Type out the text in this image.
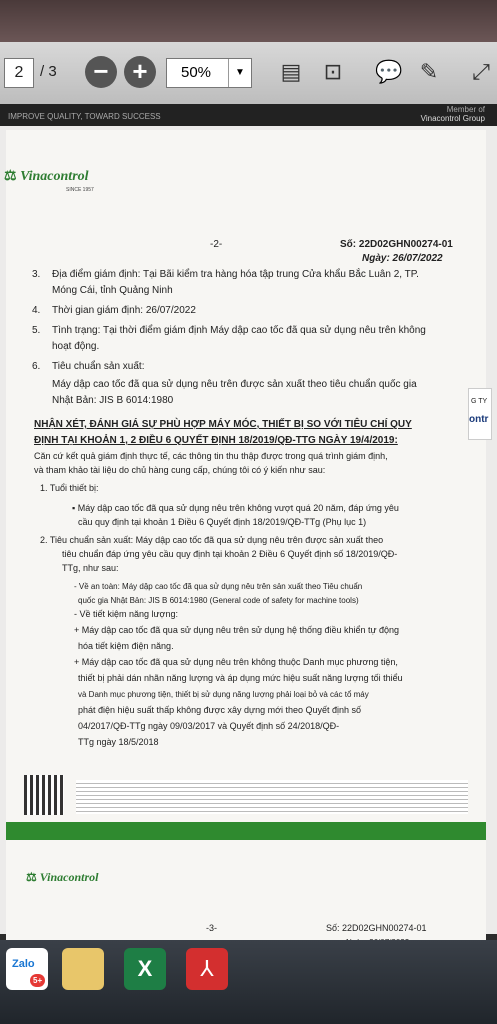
2	/ 3	− +	50%	▼ ▤ ⊡ 💬 ✎ ⤢
IMPROVE QUALITY, TOWARD SUCCESS
Member of
Vinacontrol Group
⚖ Vinacontrol
SINCE 1957
-2-	Số: 22D02GHN00274-01
Ngày: 26/07/2022
3. Địa điểm giám định: Tại Bãi kiểm tra hàng hóa tập trung Cửa khẩu Bắc Luân 2, TP.
Móng Cái, tỉnh Quảng Ninh
4. Thời gian giám định: 26/07/2022
5. Tình trạng: Tại thời điểm giám định Máy dập cao tốc đã qua sử dụng nêu trên không
hoạt động.
6. Tiêu chuẩn sản xuất:
Máy dập cao tốc đã qua sử dụng nêu trên được sản xuất theo tiêu chuẩn quốc gia
Nhật Bản: JIS B 6014:1980
NHẬN XÉT, ĐÁNH GIÁ SỰ PHÙ HỢP MÁY MÓC, THIẾT BỊ SO VỚI TIÊU CHÍ QUY
ĐỊNH TẠI KHOẢN 1, 2 ĐIỀU 6 QUYẾT ĐỊNH 18/2019/QĐ-TTG NGÀY 19/4/2019:
Căn cứ kết quả giám định thực tế, các thông tin thu thập được trong quá trình giám định,
và tham khảo tài liệu do chủ hàng cung cấp, chúng tôi có ý kiến như sau:
1. Tuổi thiết bị:
▪ Máy dập cao tốc đã qua sử dụng nêu trên không vượt quá 20 năm, đáp ứng yêu
cầu quy định tại khoản 1 Điều 6 Quyết định 18/2019/QĐ-TTg (Phụ lục 1)
2. Tiêu chuẩn sản xuất: Máy dập cao tốc đã qua sử dụng nêu trên được sản xuất theo
tiêu chuẩn đáp ứng yêu cầu quy định tại khoản 2 Điều 6 Quyết định số 18/2019/QĐ-
TTg, như sau:
- Về an toàn: Máy dập cao tốc đã qua sử dụng nêu trên sản xuất theo Tiêu chuẩn
quốc gia Nhật Bản: JIS B 6014:1980 (General code of safety for machine tools)
- Về tiết kiệm năng lượng:
+ Máy dập cao tốc đã qua sử dụng nêu trên sử dụng hệ thống điều khiển tự động
hóa tiết kiệm điện năng.
+ Máy dập cao tốc đã qua sử dụng nêu trên không thuộc Danh mục phương tiện,
thiết bị phải dán nhãn năng lượng và áp dụng mức hiệu suất năng lượng tối thiểu
và Danh mục phương tiện, thiết bị sử dụng năng lượng phải loại bỏ và các tổ máy
phát điện hiệu suất thấp không được xây dựng mới theo Quyết định số
04/2017/QĐ-TTg ngày 09/03/2017 và Quyết định số 24/2018/QĐ-
TTg ngày 18/5/2018
G TY
ontr
⚖ Vinacontrol
-3-	Số: 22D02GHN00274-01
Zalo
5+	X	⅄
